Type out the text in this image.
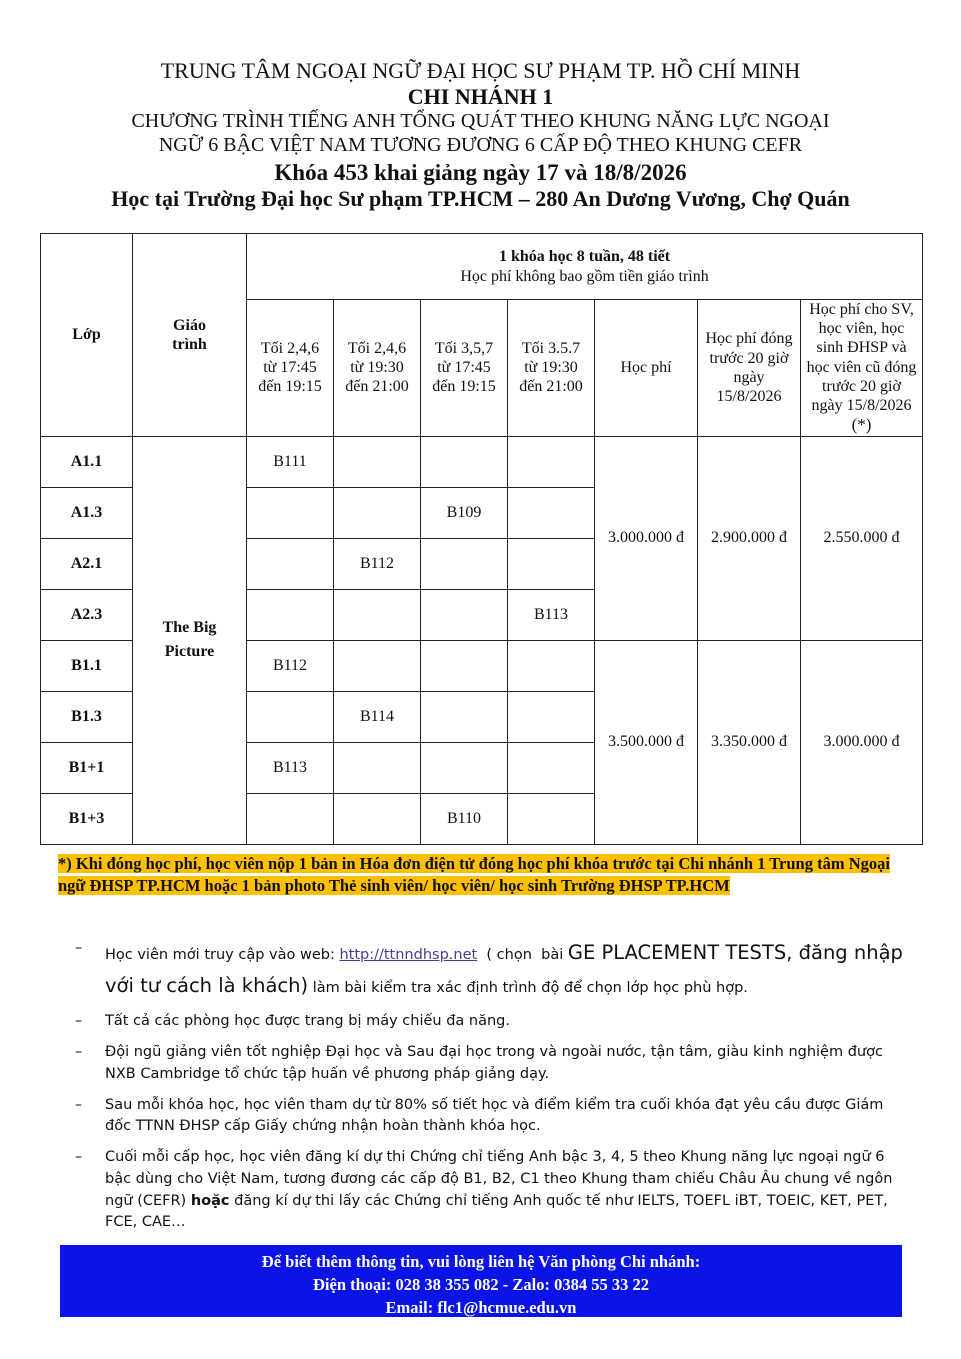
TRUNG TÂM NGOẠI NGỮ ĐẠI HỌC SƯ PHẠM TP. HỒ CHÍ MINH
CHI NHÁNH 1
CHƯƠNG TRÌNH TIẾNG ANH TỔNG QUÁT THEO KHUNG NĂNG LỰC NGOẠI
NGỮ 6 BẬC VIỆT NAM TƯƠNG ĐƯƠNG 6 CẤP ĐỘ THEO KHUNG CEFR
Khóa 453 khai giảng ngày 17 và 18/8/2026
Học tại Trường Đại học Sư phạm TP.HCM – 280 An Dương Vương, Chợ Quán
Lớp	Giáo trình	1 khóa học 8 tuần, 48 tiết
Học phí không bao gồm tiền giáo trình						

		Tối 2,4,6 từ 17:45 đến 19:15	Tối 2,4,6 từ 19:30 đến 21:00	Tối 3,5,7 từ 17:45 đến 19:15	Tối 3.5.7 từ 19:30 đến 21:00	Học phí	Học phí đóng trước 20 giờ ngày 15/8/2026	Học phí cho SV, học viên, học sinh ĐHSP và học viên cũ đóng trước 20 giờ ngày 15/8/2026 (*)
A1.1	The Big Picture	B111				3.000.000 đ	2.900.000 đ	2.550.000 đ
A1.3				B109				
A2.1			B112					
A2.3					B113			
B1.1		B112				3.500.000 đ	3.350.000 đ	3.000.000 đ
B1.3			B114					
B1+1		B113						
B1+3				B110				
*) Khi đóng học phí, học viên nộp 1 bản in Hóa đơn điện tử đóng học phí khóa trước tại Chi nhánh 1 Trung tâm Ngoại ngữ ĐHSP TP.HCM hoặc 1 bản photo Thẻ sinh viên/ học viên/ học sinh Trường ĐHSP TP.HCM
– Học viên mới truy cập vào web: http://ttnndhsp.net  ( chọn  bài GE PLACEMENT TESTS, đăng nhập với tư cách là khách) làm bài kiểm tra xác định trình độ để chọn lớp học phù hợp.
– Tất cả các phòng học được trang bị máy chiếu đa năng.
– Đội ngũ giảng viên tốt nghiệp Đại học và Sau đại học trong và ngoài nước, tận tâm, giàu kinh nghiệm được NXB Cambridge tổ chức tập huấn về phương pháp giảng dạy.
– Sau mỗi khóa học, học viên tham dự từ 80% số tiết học và điểm kiểm tra cuối khóa đạt yêu cầu được Giám đốc TTNN ĐHSP cấp Giấy chứng nhận hoàn thành khóa học.
– Cuối mỗi cấp học, học viên đăng kí dự thi Chứng chỉ tiếng Anh bậc 3, 4, 5 theo Khung năng lực ngoại ngữ 6 bậc dùng cho Việt Nam, tương đương các cấp độ B1, B2, C1 theo Khung tham chiếu Châu Âu chung về ngôn ngữ (CEFR) hoặc đăng kí dự thi lấy các Chứng chỉ tiếng Anh quốc tế như IELTS, TOEFL iBT, TOEIC, KET, PET, FCE, CAE…
Để biết thêm thông tin, vui lòng liên hệ Văn phòng Chi nhánh:
Điện thoại: 028 38 355 082 - Zalo: 0384 55 33 22
Email: flc1@hcmue.edu.vn
